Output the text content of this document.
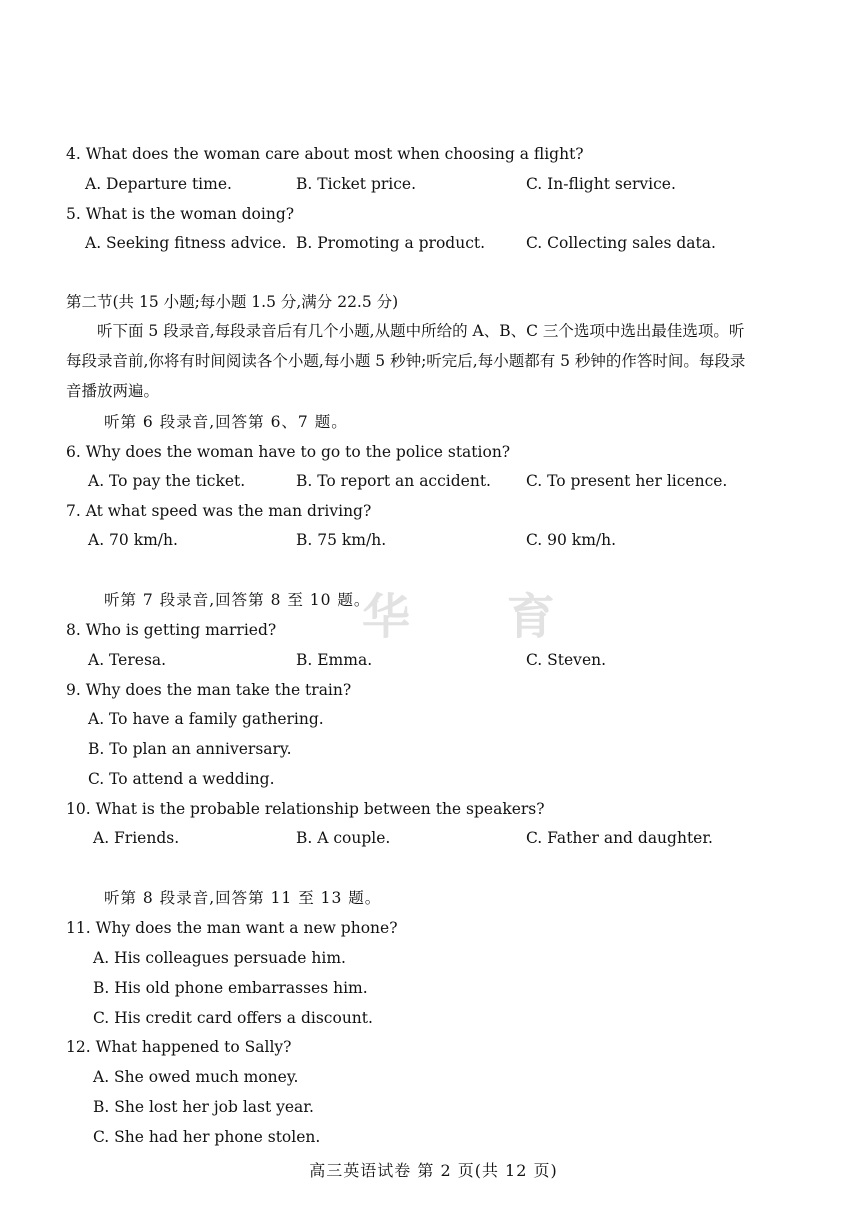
4. What does the woman care about most when choosing a flight?
A. Departure time.	B. Ticket price.	C. In-flight service.
5. What is the woman doing?
A. Seeking fitness advice. B. Promoting a product.	C. Collecting sales data.
第二节(共 15 小题;每小题 1.5 分,满分 22.5 分)
听下面 5 段录音,每段录音后有几个小题,从题中所给的 A、B、C 三个选项中选出最佳选项。听每段录音前,你将有时间阅读各个小题,每小题 5 秒钟;听完后,每小题都有 5 秒钟的作答时间。每段录音播放两遍。
听第 6 段录音,回答第 6、7 题。
6. Why does the woman have to go to the police station?
A. To pay the ticket.	B. To report an accident. C. To present her licence.
7. At what speed was the man driving?
A. 70 km/h.	B. 75 km/h.	C. 90 km/h.
华 育
听第 7 段录音,回答第 8 至 10 题。
8. Who is getting married?
A. Teresa.	B. Emma.	C. Steven.
9. Why does the man take the train?
A. To have a family gathering.
B. To plan an anniversary.
C. To attend a wedding.
10. What is the probable relationship between the speakers?
A. Friends.	B. A couple.	C. Father and daughter.
听第 8 段录音,回答第 11 至 13 题。
11. Why does the man want a new phone?
A. His colleagues persuade him.
B. His old phone embarrasses him.
C. His credit card offers a discount.
12. What happened to Sally?
A. She owed much money.
B. She lost her job last year.
C. She had her phone stolen.
高三英语试卷 第 2 页(共 12 页)
